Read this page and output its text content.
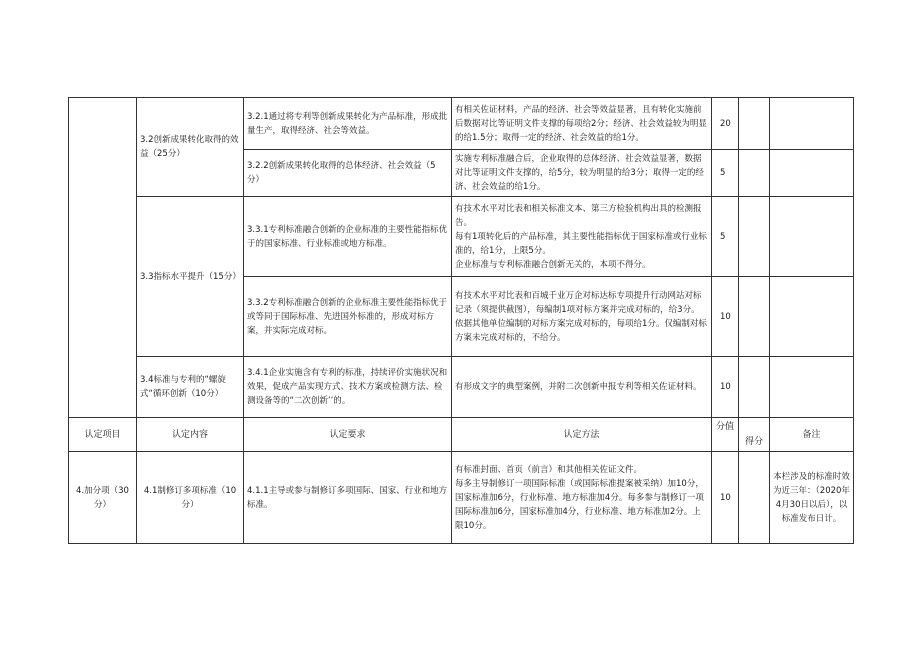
	3.2创新成果转化取得的效益（25分）	3.2.1通过将专利等创新成果转化为产品标准，形成批量生产，取得经济、社会等效益。	有相关佐证材料，产品的经济、社会等效益显著，且有转化实施前后数据对比等证明文件支撑的每项给2分；经济、社会效益较为明显的给1.5分；取得一定的经济、社会效益的给1分。	20		
		3.2.2创新成果转化取得的总体经济、社会效益（5分）	实施专利标准融合后，企业取得的总体经济、社会效益显著，数据对比等证明文件支撑的，给5分，较为明显的给3分；取得一定的经济、社会效益的给1分。	5		
	3.3指标水平提升（15分）	3.3.1专利标准融合创新的企业标准的主要性能指标优于的国家标准、行业标准或地方标准。	有技术水平对比表和相关标准文本、第三方检验机构出具的检测报告。
每有1项转化后的产品标准，其主要性能指标优于国家标准或行业标准的，给1分，上限5分。
企业标准与专利标准融合创新无关的，本项不得分。	5		
		3.3.2专利标准融合创新的企业标准主要性能指标优于或等同于国际标准、先进国外标准的，形成对标方案，并实际完成对标。	有技术水平对比表和百城千业万企对标达标专项提升行动网站对标记录（须提供截图），每编制1项对标方案并完成对标的，给3分。依据其他单位编制的对标方案完成对标的，每项给1分。仅编制对标方案未完成对标的，不给分。	10		
	3.4标准与专利的“螺旋式“循环创新（10分）	3.4.1企业实施含有专利的标准，持续评价实施状况和效果，促成产品实现方式、技术方案或检测方法、检测设备等的“二次创新’’的。	有形成文字的典型案例，并附二次创新申报专利等相关佐证材料。	10		
认定项目	认定内容	认定要求	认定方法	分值	得分	备注
4.加分项（30分）	4.1制修订多项标准（10分）	4.1.1主导或参与制修订多项国际、国家、行业和地方标准。	有标准封面、首页（前言）和其他相关佐证文件。
每多主导制修订一项国际标准（或国际标准提案被采纳）加10分，国家标准加6分，行业标准、地方标准加4分。每多参与制修订一项国际标准加6分，国家标准加4分，行业标准、地方标准加2分。上限10分。	10		本栏涉及的标准时效为近三年：（2020年4月30日以后），以标准发布日计。
